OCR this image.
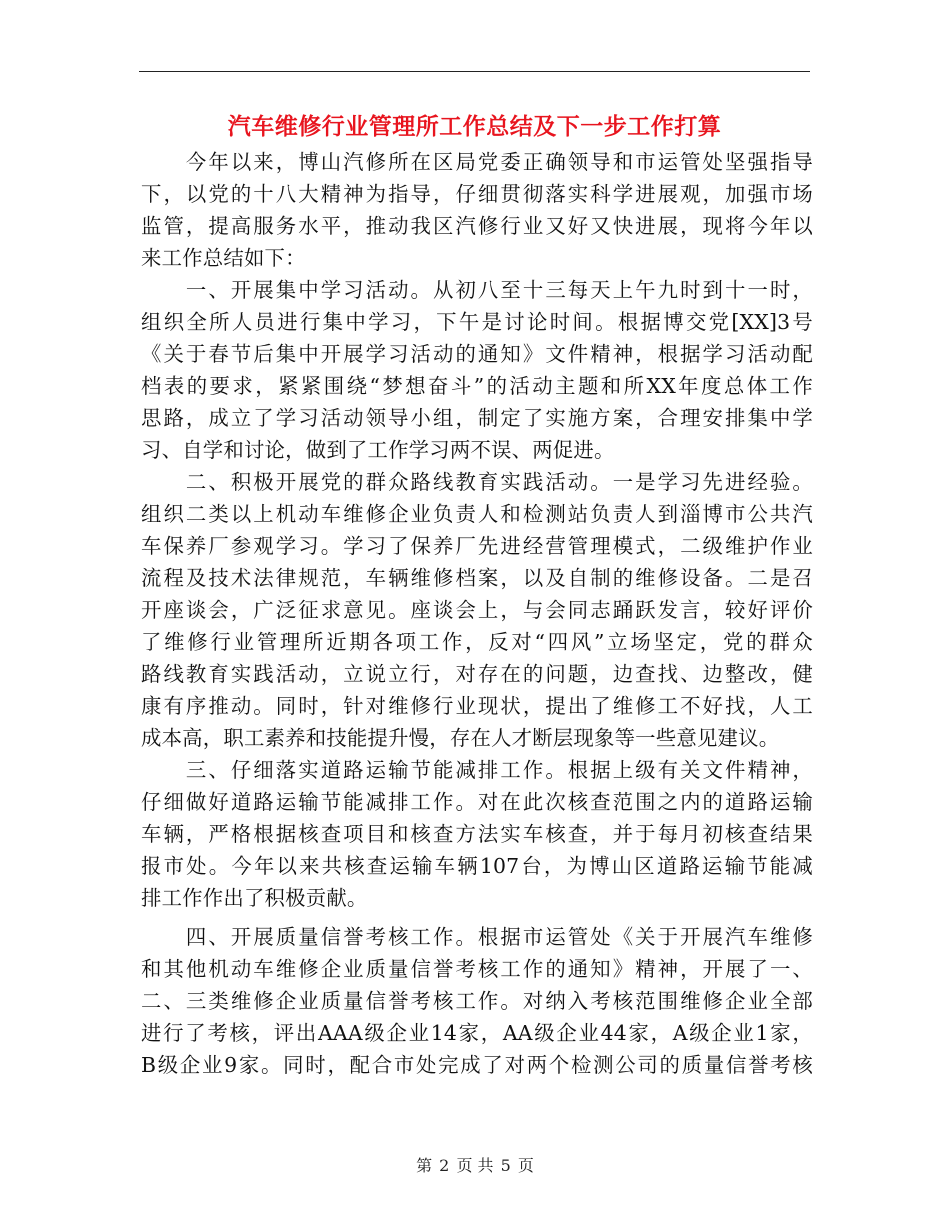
汽车维修行业管理所工作总结及下一步工作打算
　　今年以来，博山汽修所在区局党委正确领导和市运管处坚强指导
下，以党的十八大精神为指导，仔细贯彻落实科学进展观，加强市场
监管，提高服务水平，推动我区汽修行业又好又快进展，现将今年以
来工作总结如下：
　　一、开展集中学习活动。从初八至十三每天上午九时到十一时，
组织全所人员进行集中学习，下午是讨论时间。根据博交党[XX]3号
《关于春节后集中开展学习活动的通知》文件精神，根据学习活动配
档表的要求，紧紧围绕“梦想奋斗”的活动主题和所XX年度总体工作
思路，成立了学习活动领导小组，制定了实施方案，合理安排集中学
习、自学和讨论，做到了工作学习两不误、两促进。
　　二、积极开展党的群众路线教育实践活动。一是学习先进经验。
组织二类以上机动车维修企业负责人和检测站负责人到淄博市公共汽
车保养厂参观学习。学习了保养厂先进经营管理模式，二级维护作业
流程及技术法律规范，车辆维修档案，以及自制的维修设备。二是召
开座谈会，广泛征求意见。座谈会上，与会同志踊跃发言，较好评价
了维修行业管理所近期各项工作，反对“四风”立场坚定，党的群众
路线教育实践活动，立说立行，对存在的问题，边查找、边整改，健
康有序推动。同时，针对维修行业现状，提出了维修工不好找，人工
成本高，职工素养和技能提升慢，存在人才断层现象等一些意见建议。
　　三、仔细落实道路运输节能减排工作。根据上级有关文件精神，
仔细做好道路运输节能减排工作。对在此次核查范围之内的道路运输
车辆，严格根据核查项目和核查方法实车核查，并于每月初核查结果
报市处。今年以来共核查运输车辆107台，为博山区道路运输节能减
排工作作出了积极贡献。
　　四、开展质量信誉考核工作。根据市运管处《关于开展汽车维修
和其他机动车维修企业质量信誉考核工作的通知》精神，开展了一、
二、三类维修企业质量信誉考核工作。对纳入考核范围维修企业全部
进行了考核，评出AAA级企业14家，AA级企业44家，A级企业1家，
B级企业9家。同时，配合市处完成了对两个检测公司的质量信誉考核
第 2 页 共 5 页
